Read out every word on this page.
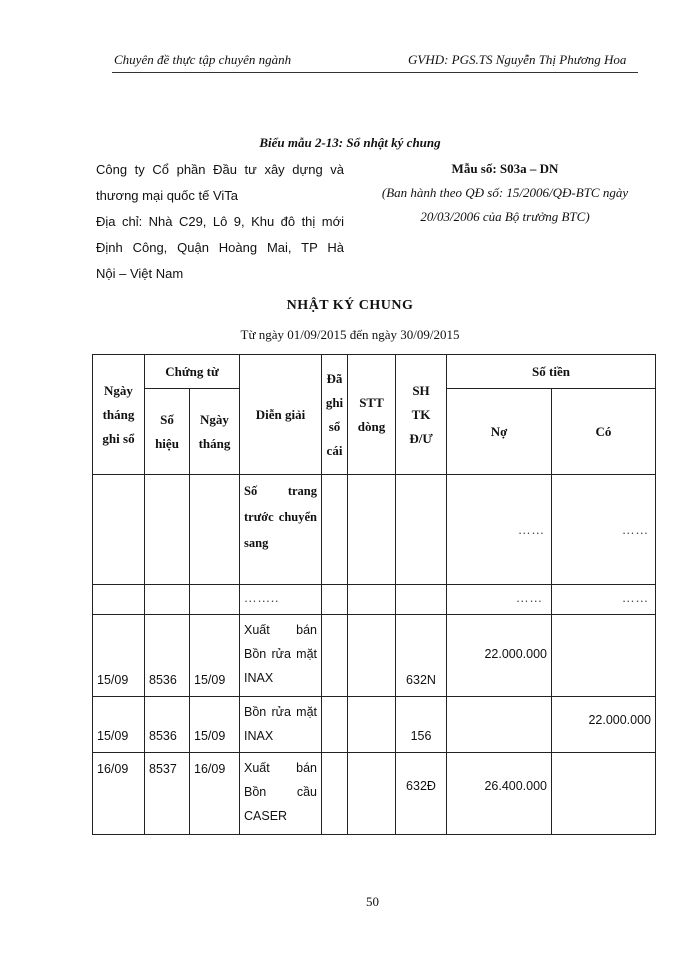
Chuyên đề thực tập chuyên ngành	GVHD: PGS.TS Nguyễn Thị Phương Hoa
Biểu mẫu 2-13: Sổ nhật ký chung
Công ty Cổ phần Đầu tư xây dựng và
thương mại quốc tế ViTa
Địa chỉ: Nhà C29, Lô 9, Khu đô thị mới
Định Công, Quận Hoàng Mai, TP Hà
Nội – Việt Nam
Mẫu số: S03a – DN
(Ban hành theo QĐ số: 15/2006/QĐ-BTC ngày
20/03/2006 của Bộ trưởng BTC)
NHẬT KÝ CHUNG
Từ ngày 01/09/2015 đến ngày 30/09/2015
Ngày tháng ghi sổ	Chứng từ		Diễn giải	Đã ghi sổ cái	STT dòng	SH TK Đ/Ư	Số tiền	
	Số hiệu	Ngày tháng					Nợ	Có

			Số trang trước chuyển sang				……	……

			……..				……	……

15/09	8536	15/09	Xuất bán Bồn rửa mặt INAX			632N	22.000.000	

15/09	8536	15/09	Bồn rửa mặt INAX			156		22.000.000

16/09	8537	16/09	Xuất bán Bồn cầu CASER			632Đ	26.400.000	

50
